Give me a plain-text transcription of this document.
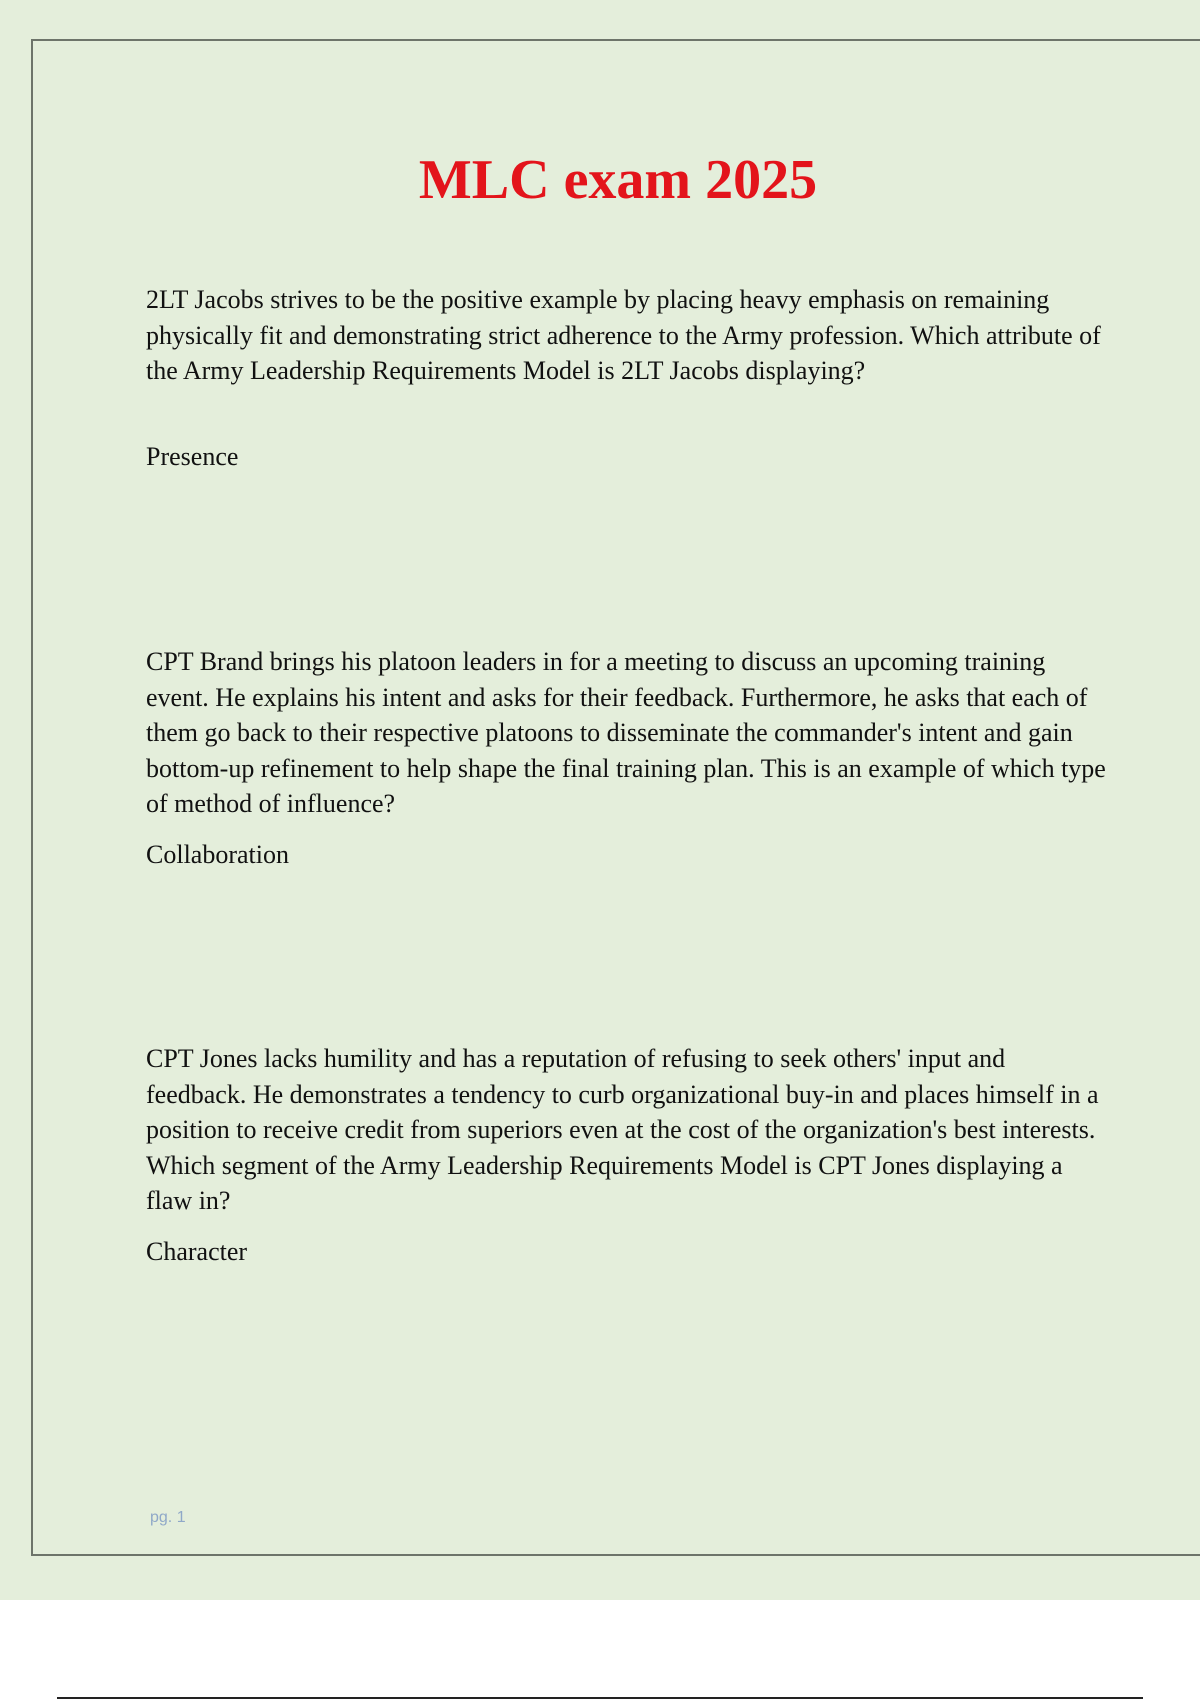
MLC exam 2025

2LT Jacobs strives to be the positive example by placing heavy emphasis on remaining physically fit and demonstrating strict adherence to the Army profession. Which attribute of the Army Leadership Requirements Model is 2LT Jacobs displaying?

Presence

CPT Brand brings his platoon leaders in for a meeting to discuss an upcoming training event. He explains his intent and asks for their feedback. Furthermore, he asks that each of them go back to their respective platoons to disseminate the commander's intent and gain bottom-up refinement to help shape the final training plan. This is an example of which type of method of influence?

Collaboration

CPT Jones lacks humility and has a reputation of refusing to seek others' input and feedback. He demonstrates a tendency to curb organizational buy-in and places himself in a position to receive credit from superiors even at the cost of the organization's best interests. Which segment of the Army Leadership Requirements Model is CPT Jones displaying a flaw in?

Character

pg. 1
